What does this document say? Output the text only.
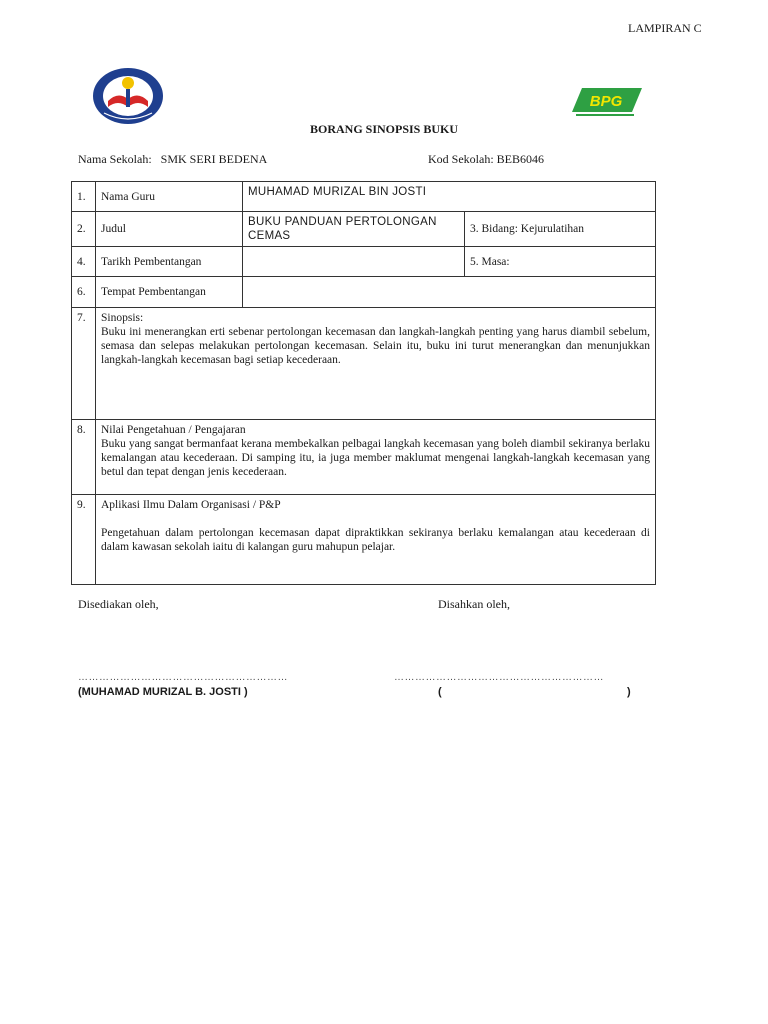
LAMPIRAN C
BPG
BORANG SINOPSIS BUKU
Nama Sekolah: SMK SERI BEDENA	Kod Sekolah: BEB6046
1.	Nama Guru	MUHAMAD MURIZAL BIN JOSTI	
2.	Judul	BUKU PANDUAN PERTOLONGAN CEMAS	3. Bidang: Kejurulatihan
4.	Tarikh Pembentangan		5. Masa:
6.	Tempat Pembentangan		
7.	Sinopsis:
Buku ini menerangkan erti sebenar pertolongan kecemasan dan langkah-langkah penting yang harus diambil sebelum, semasa dan selepas melakukan pertolongan kecemasan. Selain itu, buku ini turut menerangkan dan menunjukkan langkah-langkah kecemasan bagi setiap kecederaan.		

8.	Nilai Pengetahuan / Pengajaran
Buku yang sangat bermanfaat kerana membekalkan pelbagai langkah kecemasan yang boleh diambil sekiranya berlaku kemalangan atau kecederaan. Di samping itu, ia juga member maklumat mengenai langkah-langkah kecemasan yang betul dan tepat dengan jenis kecederaan.		

9.	Aplikasi Ilmu Dalam Organisasi / P&P
Pengetahuan dalam pertolongan kecemasan dapat dipraktikkan sekiranya berlaku kemalangan atau kecederaan di dalam kawasan sekolah iaitu di kalangan guru mahupun pelajar.		
Disediakan oleh,	Disahkan oleh,
……………………………………………………	……………………………………………………
(MUHAMAD MURIZAL B. JOSTI )	(	)
